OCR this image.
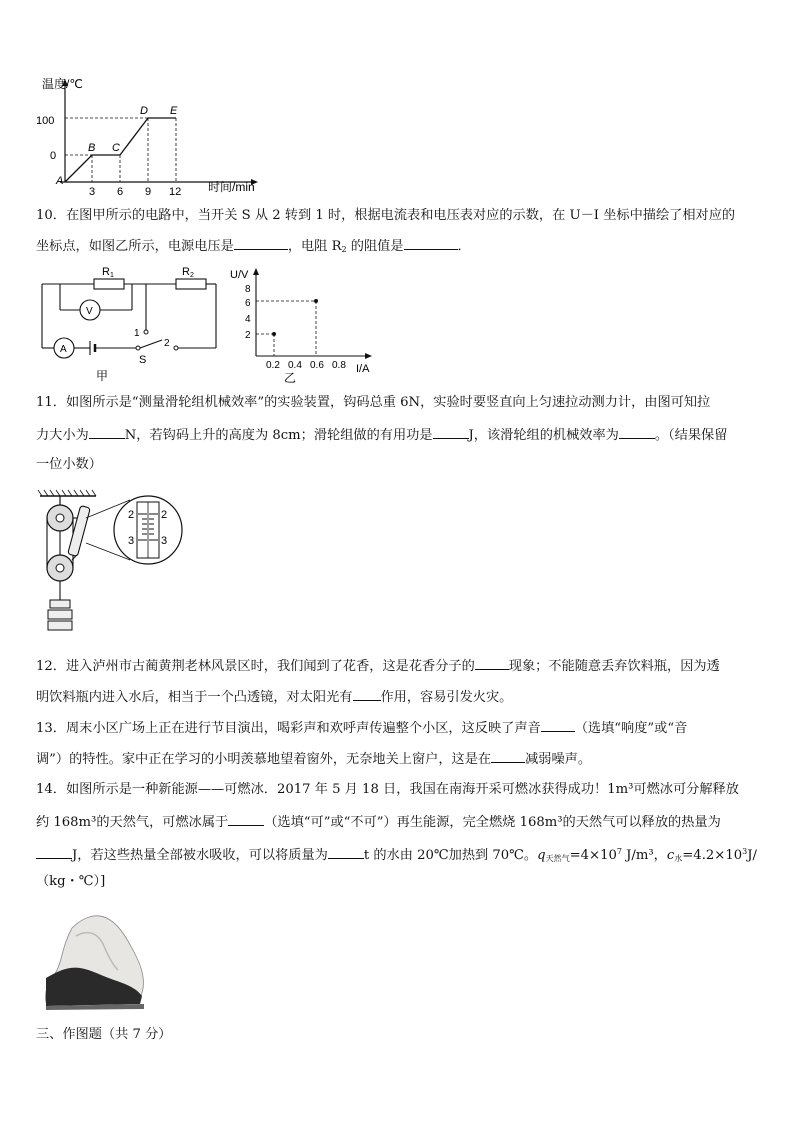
温度/℃
时间/min
100
0
A
B C
D E
3 6 9 12
10．在图甲所示的电路中，当开关 S 从 2 转到 1 时，根据电流表和电压表对应的示数，在 U－I 坐标中描绘了相对应的
坐标点，如图乙所示，电源电压是	，电阻 $R_2$ 的阻值是	．
R1	R2
V
A
1
2
S
甲
U/V
I/A
8
6
4
2
0.2 0.4 0.6 0.8
乙
11．如图所示是“测量滑轮组机械效率”的实验装置，钩码总重 6N，实验时要竖直向上匀速拉动测力计，由图可知拉
力大小为	N，若钩码上升的高度为 8cm；滑轮组做的有用功是	J，该滑轮组的机械效率为	。（结果保留
一位小数）
2
3
2
3
12．进入泸州市古蔺黄荆老林风景区时，我们闻到了花香，这是花香分子的	现象；不能随意丢弃饮料瓶，因为透
明饮料瓶内进入水后，相当于一个凸透镜，对太阳光有 作用，容易引发火灾。
13．周末小区广场上正在进行节目演出，喝彩声和欢呼声传遍整个小区，这反映了声音	（选填“响度”或“音
调”）的特性。家中正在学习的小明羡慕地望着窗外，无奈地关上窗户，这是在	减弱噪声。
14．如图所示是一种新能源——可燃冰．2017 年 5 月 18 日，我国在南海开采可燃冰获得成功！1m³可燃冰可分解释放
约 168m³的天然气，可燃冰属于	（选填“可”或“不可”）再生能源，完全燃烧 168m³的天然气可以释放的热量为
J，若这些热量全部被水吸收，可以将质量为	t 的水由 20℃加热到 70℃。$q_{天然气}=4\times 10^7$ J/m³，$c_水=4.2\times 10^3J/$
（kg・℃）]
三、作图题（共 7 分）
